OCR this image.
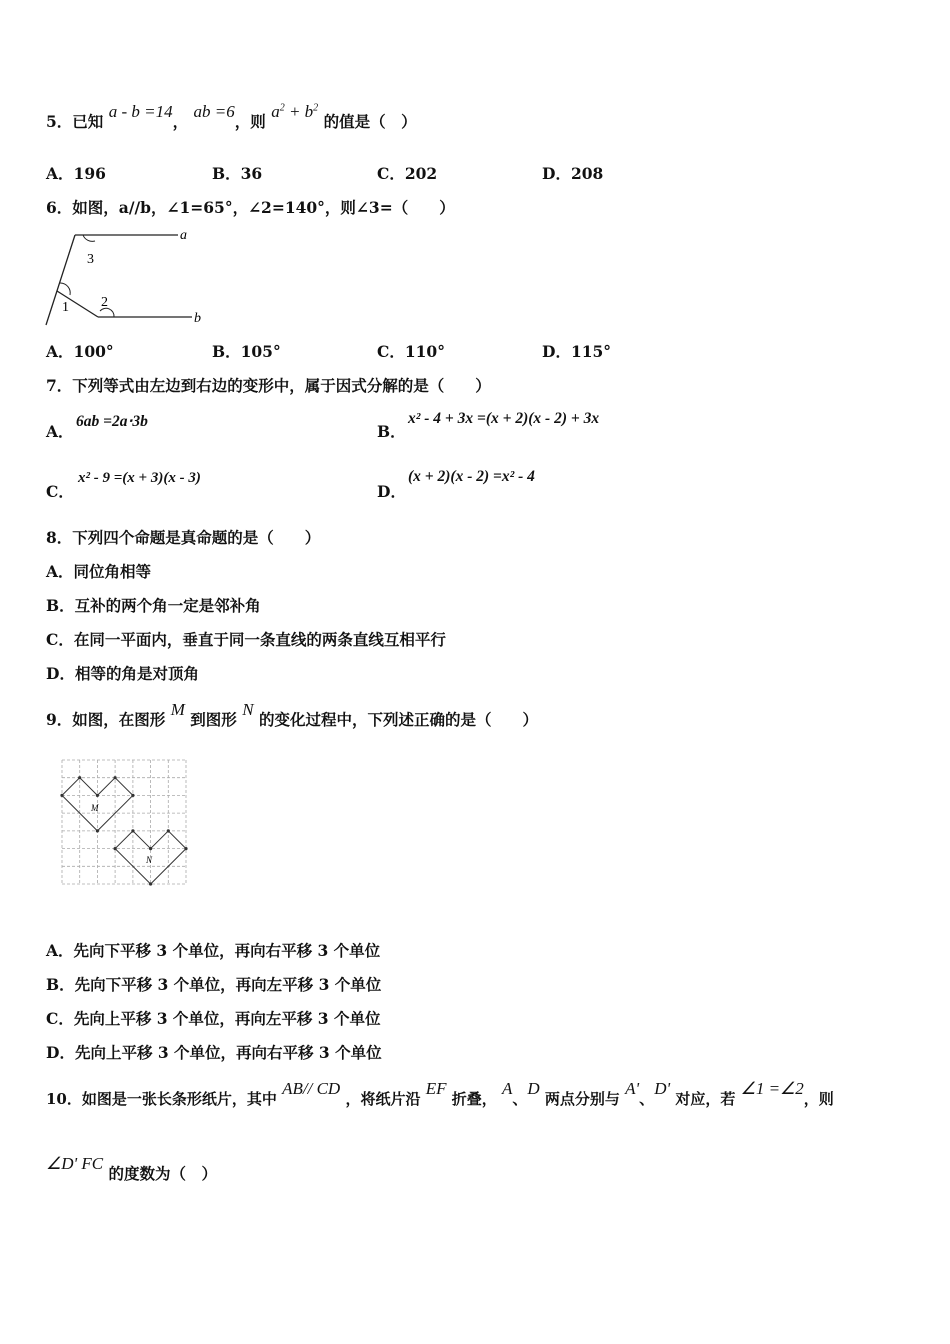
5．已知 a - b =14， ab =6，则 $a^2 + b^2$ 的值是（　）
A．196	B．36	C．202	D．208
6．如图，a//b，∠1=65°，∠2=140°，则∠3=（　　）
a
b
1 2
3
A．100°	B．105°	C．110°	D．115°
7．下列等式由左边到右边的变形中，属于因式分解的是（　　）
A．
6ab =2a⋅3b
B．
x² - 4 + 3x =(x + 2)(x - 2) + 3x
C．
x² - 9 =(x + 3)(x - 3)
D．
(x + 2)(x - 2) =x² - 4
8．下列四个命题是真命题的是（　　）
A．同位角相等
B．互补的两个角一定是邻补角
C．在同一平面内，垂直于同一条直线的两条直线互相平行
D．相等的角是对顶角
9．如图，在图形 M 到图形 N 的变化过程中，下列述正确的是（　　）
M
N
A．先向下平移 3 个单位，再向右平移 3 个单位
B．先向下平移 3 个单位，再向左平移 3 个单位
C．先向上平移 3 个单位，再向左平移 3 个单位
D．先向上平移 3 个单位，再向右平移 3 个单位
10．如图是一张长条形纸片，其中 AB// CD ，将纸片沿 EF 折叠， A、D 两点分别与 A'、D' 对应，若 ∠1 =∠2，则
∠D' FC 的度数为（　）
